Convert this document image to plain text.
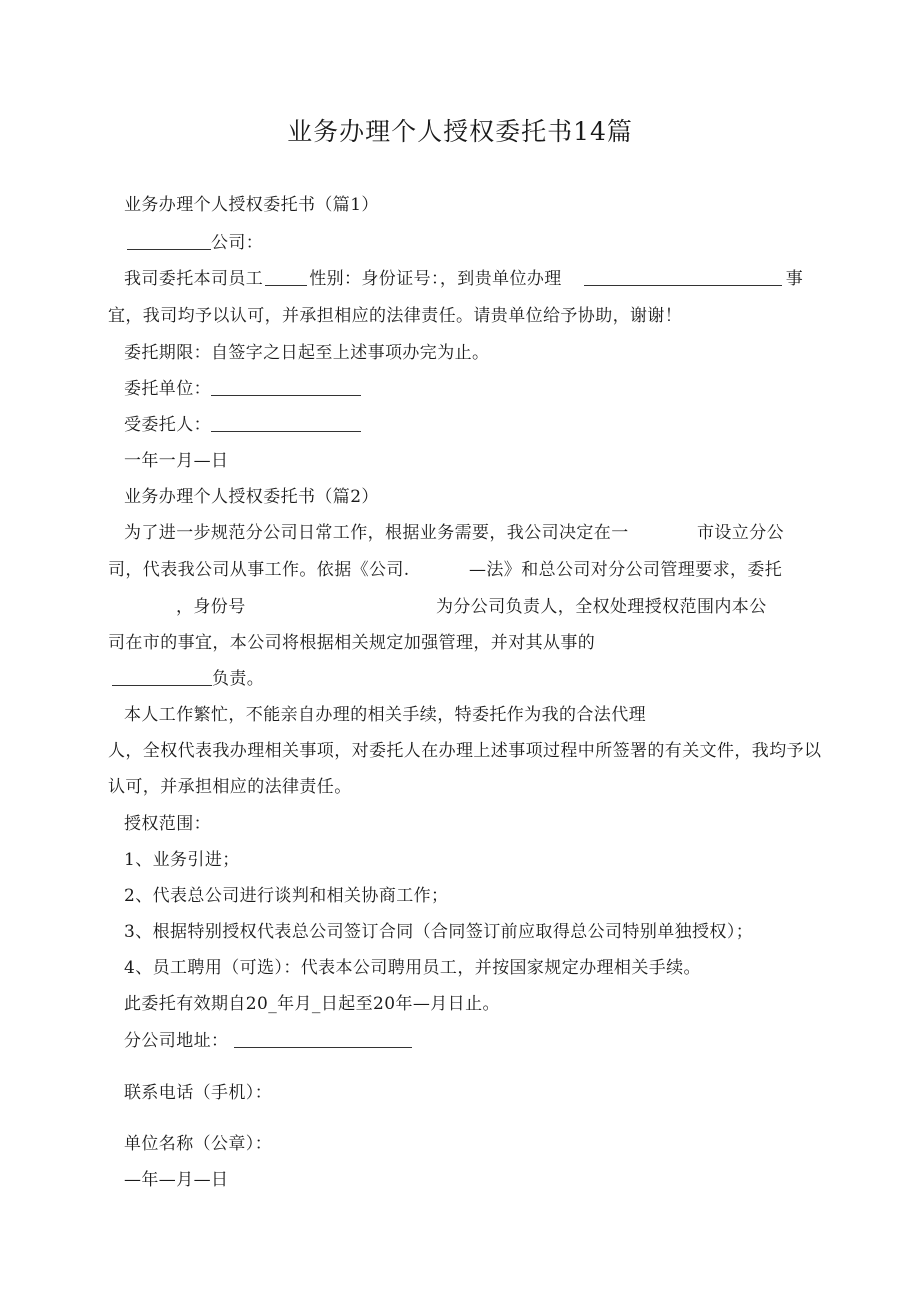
业务办理个人授权委托书14篇
业务办理个人授权委托书（篇1）
公司：
我司委托本司员工	性别：身份证号：，到贵单位办理	事
宜，我司均予以认可，并承担相应的法律责任。请贵单位给予协助，谢谢！
委托期限：自签字之日起至上述事项办完为止。
委托单位：
受委托人：
一年一月—日
业务办理个人授权委托书（篇2）
为了进一步规范分公司日常工作，根据业务需要，我公司决定在一	市设立分公
司，代表我公司从事工作。依据《公司.	—法》和总公司对分公司管理要求，委托
，身份号	为分公司负责人，全权处理授权范围内本公
司在市的事宜，本公司将根据相关规定加强管理，并对其从事的
负责。
本人工作繁忙，不能亲自办理的相关手续，特委托作为我的合法代理
人，全权代表我办理相关事项，对委托人在办理上述事项过程中所签署的有关文件，我均予以
认可，并承担相应的法律责任。
授权范围：
1、业务引进；
2、代表总公司进行谈判和相关协商工作；
3、根据特别授权代表总公司签订合同（合同签订前应取得总公司特别单独授权）；
4、员工聘用（可选）：代表本公司聘用员工，并按国家规定办理相关手续。
此委托有效期自20_年月_日起至20年—月日止。
分公司地址：
联系电话（手机）：
单位名称（公章）：
—年—月—日
